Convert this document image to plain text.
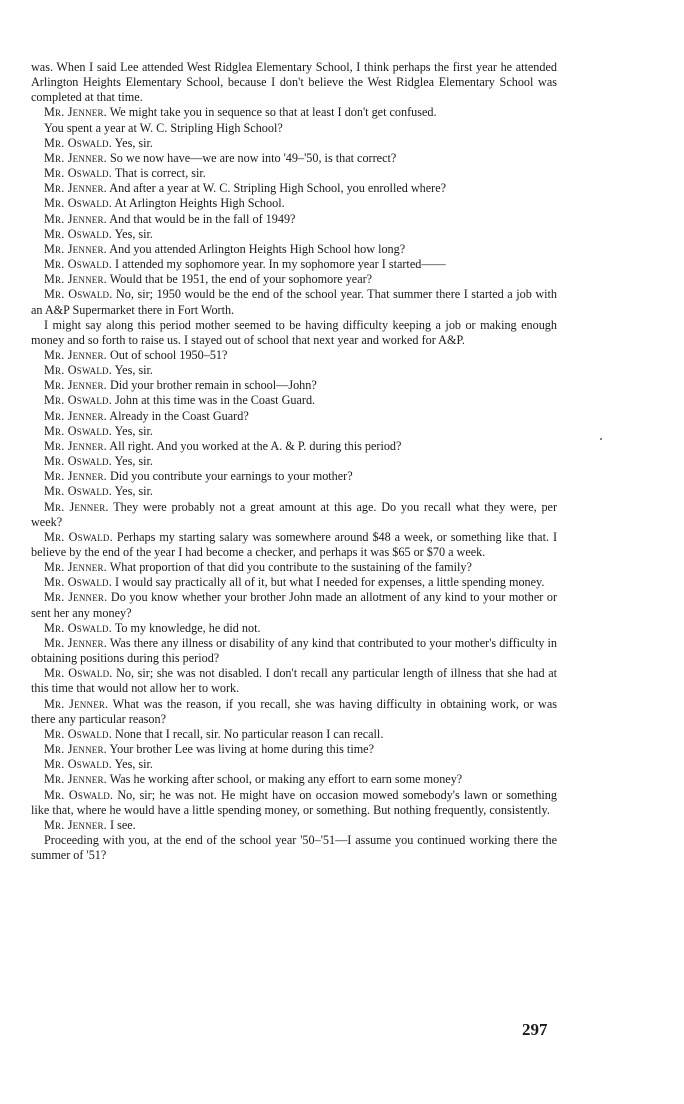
was. When I said Lee attended West Ridglea Elementary School, I think perhaps the first year he attended Arlington Heights Elementary School, because I don't believe the West Ridglea Elementary School was completed at that time.

Mr. Jenner. We might take you in sequence so that at least I don't get confused.

You spent a year at W. C. Stripling High School?

Mr. Oswald. Yes, sir.

Mr. Jenner. So we now have—we are now into '49–'50, is that correct?

Mr. Oswald. That is correct, sir.

Mr. Jenner. And after a year at W. C. Stripling High School, you enrolled where?

Mr. Oswald. At Arlington Heights High School.

Mr. Jenner. And that would be in the fall of 1949?

Mr. Oswald. Yes, sir.

Mr. Jenner. And you attended Arlington Heights High School how long?

Mr. Oswald. I attended my sophomore year. In my sophomore year I started——

Mr. Jenner. Would that be 1951, the end of your sophomore year?

Mr. Oswald. No, sir; 1950 would be the end of the school year. That summer there I started a job with an A&P Supermarket there in Fort Worth.

I might say along this period mother seemed to be having difficulty keeping a job or making enough money and so forth to raise us. I stayed out of school that next year and worked for A&P.

Mr. Jenner. Out of school 1950–51?

Mr. Oswald. Yes, sir.

Mr. Jenner. Did your brother remain in school—John?

Mr. Oswald. John at this time was in the Coast Guard.

Mr. Jenner. Already in the Coast Guard?

Mr. Oswald. Yes, sir.

Mr. Jenner. All right. And you worked at the A. & P. during this period?

Mr. Oswald. Yes, sir.

Mr. Jenner. Did you contribute your earnings to your mother?

Mr. Oswald. Yes, sir.

Mr. Jenner. They were probably not a great amount at this age. Do you recall what they were, per week?

Mr. Oswald. Perhaps my starting salary was somewhere around $48 a week, or something like that. I believe by the end of the year I had become a checker, and perhaps it was $65 or $70 a week.

Mr. Jenner. What proportion of that did you contribute to the sustaining of the family?

Mr. Oswald. I would say practically all of it, but what I needed for expenses, a little spending money.

Mr. Jenner. Do you know whether your brother John made an allotment of any kind to your mother or sent her any money?

Mr. Oswald. To my knowledge, he did not.

Mr. Jenner. Was there any illness or disability of any kind that contributed to your mother's difficulty in obtaining positions during this period?

Mr. Oswald. No, sir; she was not disabled. I don't recall any particular length of illness that she had at this time that would not allow her to work.

Mr. Jenner. What was the reason, if you recall, she was having difficulty in obtaining work, or was there any particular reason?

Mr. Oswald. None that I recall, sir. No particular reason I can recall.

Mr. Jenner. Your brother Lee was living at home during this time?

Mr. Oswald. Yes, sir.

Mr. Jenner. Was he working after school, or making any effort to earn some money?

Mr. Oswald. No, sir; he was not. He might have on occasion mowed somebody's lawn or something like that, where he would have a little spending money, or something. But nothing frequently, consistently.

Mr. Jenner. I see.

Proceeding with you, at the end of the school year '50–'51—I assume you continued working there the summer of '51?

297
